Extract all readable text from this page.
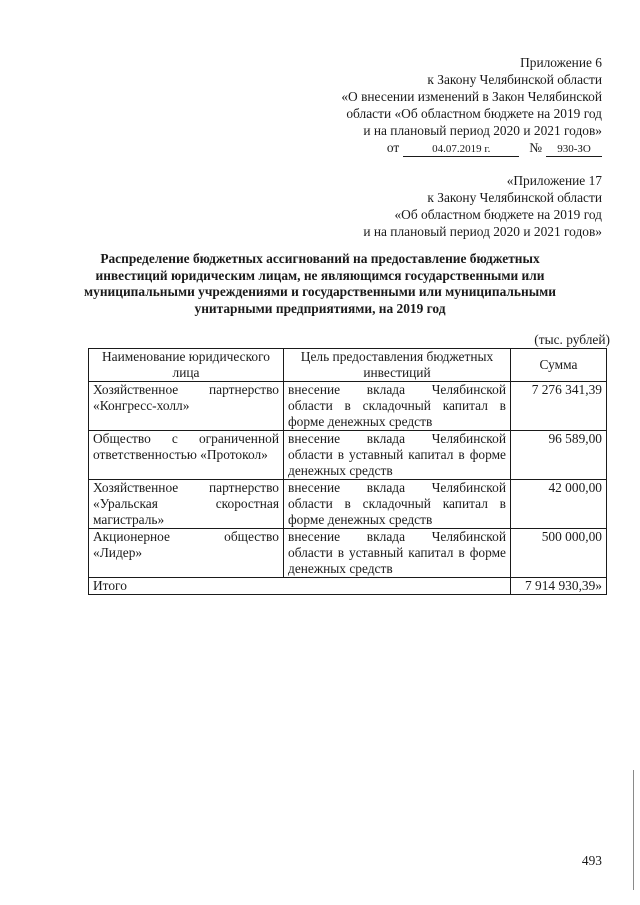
Приложение 6
к Закону Челябинской области
«О внесении изменений в Закон Челябинской
области «Об областном бюджете на 2019 год
и на плановый период 2020 и 2021 годов»
от	04.07.2019 г.	№	930-ЗО
«Приложение 17
к Закону Челябинской области
«Об областном бюджете на 2019 год
и на плановый период 2020 и 2021 годов»
Распределение бюджетных ассигнований на предоставление бюджетных
инвестиций юридическим лицам, не являющимся государственными или
муниципальными учреждениями и государственными или муниципальными
унитарными предприятиями, на 2019 год
(тыс. рублей)
Наименование юридического лица	Цель предоставления бюджетных инвестиций	Сумма
Хозяйственное партнерство «Конгресс-холл»	внесение вклада Челябинской области в складочный капитал в форме денежных средств	7 276 341,39
Общество с ограниченной ответственностью «Протокол»	внесение вклада Челябинской области в уставный капитал в форме денежных средств	96 589,00
Хозяйственное партнерство «Уральская скоростная магистраль»	внесение вклада Челябинской области в складочный капитал в форме денежных средств	42 000,00
Акционерное общество «Лидер»	внесение вклада Челябинской области в уставный капитал в форме денежных средств	500 000,00
Итого		7 914 930,39»
493
